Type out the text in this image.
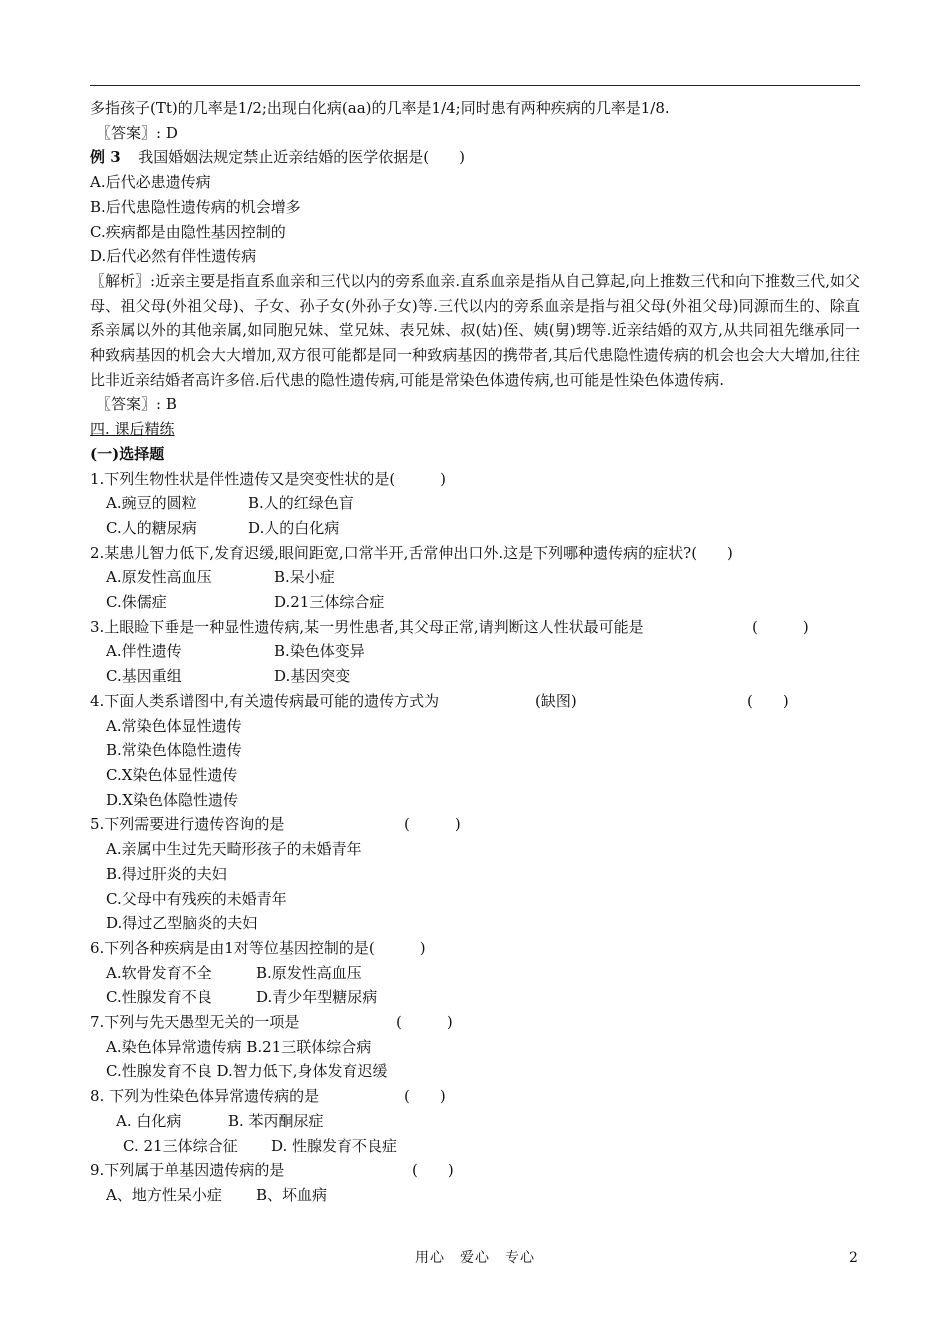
多指孩子(Tt)的几率是1/2;出现白化病(aa)的几率是1/4;同时患有两种疾病的几率是1/8.
〖答案〗: D
例 3 我国婚姻法规定禁止近亲结婚的医学依据是(　　)
A.后代必患遗传病
B.后代患隐性遗传病的机会增多
C.疾病都是由隐性基因控制的
D.后代必然有伴性遗传病
〖解析〗:近亲主要是指直系血亲和三代以内的旁系血亲.直系血亲是指从自己算起,向上推数三代和向下推数三代,如父母、祖父母(外祖父母)、子女、孙子女(外孙子女)等.三代以内的旁系血亲是指与祖父母(外祖父母)同源而生的、除直系亲属以外的其他亲属,如同胞兄妹、堂兄妹、表兄妹、叔(姑)侄、姨(舅)甥等.近亲结婚的双方,从共同祖先继承同一种致病基因的机会大大增加,双方很可能都是同一种致病基因的携带者,其后代患隐性遗传病的机会也会大大增加,往往比非近亲结婚者高许多倍.后代患的隐性遗传病,可能是常染色体遗传病,也可能是性染色体遗传病.
〖答案〗: B
四. 课后精练
(一)选择题
1.下列生物性状是伴性遗传又是突变性状的是(　　　)
A.豌豆的圆粒	B.人的红绿色盲
C.人的糖尿病	D.人的白化病
2.某患儿智力低下,发育迟缓,眼间距宽,口常半开,舌常伸出口外.这是下列哪种遗传病的症状?(　　)
A.原发性高血压	B.呆小症
C.侏儒症	D.21三体综合症
3.上眼睑下垂是一种显性遗传病,某一男性患者,其父母正常,请判断这人性状最可能是	(　　　)
A.伴性遗传	B.染色体变异
C.基因重组	D.基因突变
4.下面人类系谱图中,有关遗传病最可能的遗传方式为	(缺图)	(　　)
A.常染色体显性遗传
B.常染色体隐性遗传
C.X染色体显性遗传
D.X染色体隐性遗传
5.下列需要进行遗传咨询的是	(　　　)
A.亲属中生过先天畸形孩子的未婚青年
B.得过肝炎的夫妇
C.父母中有残疾的未婚青年
D.得过乙型脑炎的夫妇
6.下列各种疾病是由1对等位基因控制的是(　　　)
A.软骨发育不全	B.原发性高血压
C.性腺发育不良	D.青少年型糖尿病
7.下列与先天愚型无关的一项是	(　　　)
A.染色体异常遗传病 B.21三联体综合病
C.性腺发育不良 D.智力低下,身体发育迟缓
8. 下列为性染色体异常遗传病的是	(　　)
A. 白化病	B. 苯丙酮尿症
C. 21三体综合征 D. 性腺发育不良症
9.下列属于单基因遗传病的是	(　　)
A、地方性呆小症 B、坏血病
用心　爱心　专心	2
